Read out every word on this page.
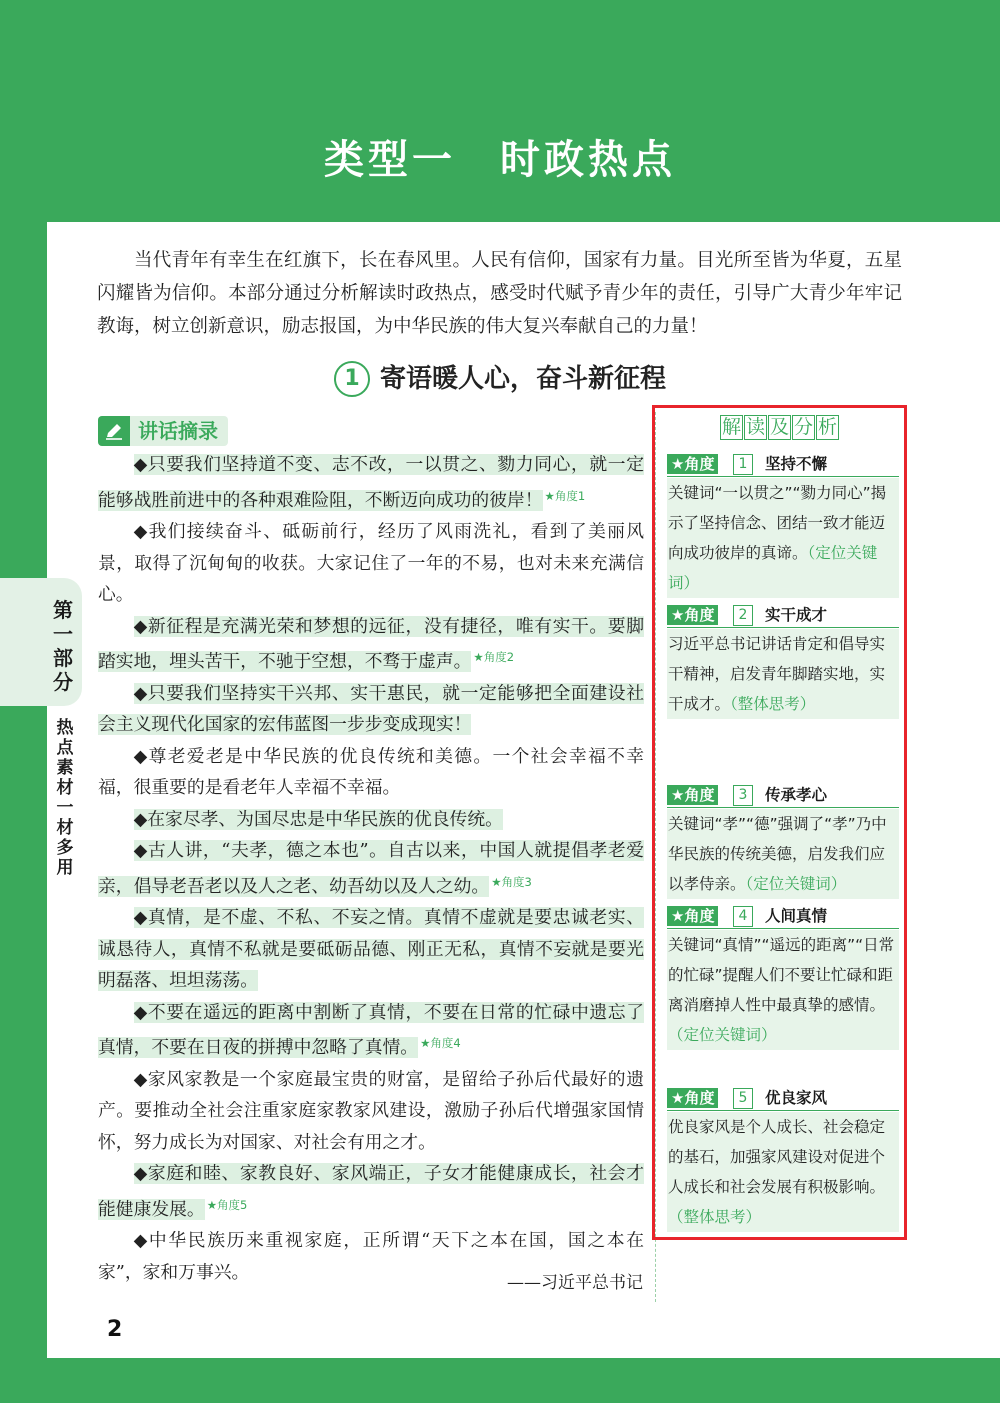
类型一　时政热点
第一部分
热点素材一材多用

当代青年有幸生在红旗下，长在春风里。人民有信仰，国家有力量。目光所至皆为华夏，五星闪耀皆为信仰。本部分通过分析解读时政热点，感受时代赋予青少年的责任，引导广大青少年牢记教诲，树立创新意识，励志报国，为中华民族的伟大复兴奉献自己的力量！

1 寄语暖人心，奋斗新征程
讲话摘录

◆只要我们坚持道不变、志不改，一以贯之、勠力同心，就一定能够战胜前进中的各种艰难险阻，不断迈向成功的彼岸！ $^{★角度1}$

◆我们接续奋斗、砥砺前行，经历了风雨洗礼，看到了美丽风景，取得了沉甸甸的收获。大家记住了一年的不易，也对未来充满信心。

◆新征程是充满光荣和梦想的远征，没有捷径，唯有实干。要脚踏实地，埋头苦干，不驰于空想，不骛于虚声。 $^{★角度2}$

◆只要我们坚持实干兴邦、实干惠民，就一定能够把全面建设社会主义现代化国家的宏伟蓝图一步步变成现实！

◆尊老爱老是中华民族的优良传统和美德。一个社会幸福不幸福，很重要的是看老年人幸福不幸福。

◆在家尽孝、为国尽忠是中华民族的优良传统。

◆古人讲，“夫孝，德之本也”。自古以来，中国人就提倡孝老爱亲，倡导老吾老以及人之老、幼吾幼以及人之幼。 $^{★角度3}$

◆真情，是不虚、不私、不妄之情。真情不虚就是要忠诚老实、诚恳待人，真情不私就是要砥砺品德、刚正无私，真情不妄就是要光明磊落、坦坦荡荡。

◆不要在遥远的距离中割断了真情，不要在日常的忙碌中遗忘了真情，不要在日夜的拼搏中忽略了真情。 $^{★角度4}$

◆家风家教是一个家庭最宝贵的财富，是留给子孙后代最好的遗产。要推动全社会注重家庭家教家风建设，激励子孙后代增强家国情怀，努力成长为对国家、对社会有用之才。

◆家庭和睦、家教良好、家风端正，子女才能健康成长，社会才能健康发展。 $^{★角度5}$

◆中华民族历来重视家庭，正所谓“天下之本在国，国之本在家”，家和万事兴。

——习近平总书记
解 读 及 分 析
★角度	1	坚持不懈
关键词“一以贯之”“勠力同心”揭示了坚持信念、团结一致才能迈向成功彼岸的真谛。（定位关键词）
★角度	2	实干成才
习近平总书记讲话肯定和倡导实干精神，启发青年脚踏实地，实干成才。（整体思考）
★角度	3	传承孝心
关键词“孝”“德”强调了“孝”乃中华民族的传统美德，启发我们应以孝侍亲。（定位关键词）
★角度	4	人间真情
关键词“真情”“遥远的距离”“日常的忙碌”提醒人们不要让忙碌和距离消磨掉人性中最真挚的感情。（定位关键词）
★角度	5	优良家风
优良家风是个人成长、社会稳定的基石，加强家风建设对促进个人成长和社会发展有积极影响。（整体思考）
2
